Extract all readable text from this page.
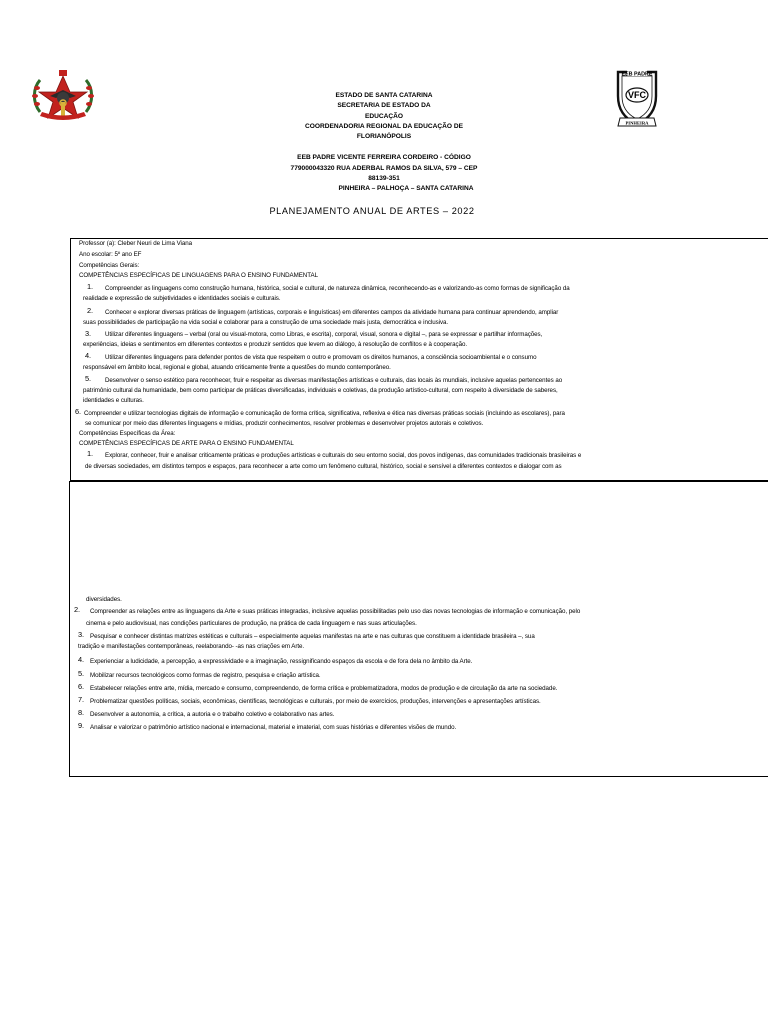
EEB PADRE
VFC
PINHEIRA
ESTADO DE SANTA CATARINA
SECRETARIA DE ESTADO DA
EDUCAÇÃO
COORDENADORIA REGIONAL DA EDUCAÇÃO DE
FLORIANÓPOLIS
EEB PADRE VICENTE FERREIRA CORDEIRO - CÓDIGO
779000043320 RUA ADERBAL RAMOS DA SILVA, 579 – CEP
88139-351
PINHEIRA – PALHOÇA – SANTA CATARINA
PLANEJAMENTO ANUAL DE ARTES – 2022
Professor (a): Cleber Neuri de Lima Viana
Ano escolar: 5º ano EF
Competências Gerais:
COMPETÊNCIAS ESPECÍFICAS DE LINGUAGENS PARA O ENSINO FUNDAMENTAL
1. Compreender as linguagens como construção humana, histórica, social e cultural, de natureza dinâmica, reconhecendo-as e valorizando-as como formas de significação da
realidade e expressão de subjetividades e identidades sociais e culturais.
2. Conhecer e explorar diversas práticas de linguagem (artísticas, corporais e linguísticas) em diferentes campos da atividade humana para continuar aprendendo, ampliar
suas possibilidades de participação na vida social e colaborar para a construção de uma sociedade mais justa, democrática e inclusiva.
3. Utilizar diferentes linguagens – verbal (oral ou visual-motora, como Libras, e escrita), corporal, visual, sonora e digital –, para se expressar e partilhar informações,
experiências, ideias e sentimentos em diferentes contextos e produzir sentidos que levem ao diálogo, à resolução de conflitos e à cooperação.
4. Utilizar diferentes linguagens para defender pontos de vista que respeitem o outro e promovam os direitos humanos, a consciência socioambiental e o consumo
responsável em âmbito local, regional e global, atuando criticamente frente a questões do mundo contemporâneo.
5. Desenvolver o senso estético para reconhecer, fruir e respeitar as diversas manifestações artísticas e culturais, das locais às mundiais, inclusive aquelas pertencentes ao
patrimônio cultural da humanidade, bem como participar de práticas diversificadas, individuais e coletivas, da produção artístico-cultural, com respeito à diversidade de saberes,
identidades e culturas.
6. Compreender e utilizar tecnologias digitais de informação e comunicação de forma crítica, significativa, reflexiva e ética nas diversas práticas sociais (incluindo as escolares), para
se comunicar por meio das diferentes linguagens e mídias, produzir conhecimentos, resolver problemas e desenvolver projetos autorais e coletivos.
Competências Específicas da Área:
COMPETÊNCIAS ESPECÍFICAS DE ARTE PARA O ENSINO FUNDAMENTAL
1. Explorar, conhecer, fruir e analisar criticamente práticas e produções artísticas e culturais do seu entorno social, dos povos indígenas, das comunidades tradicionais brasileiras e
de diversas sociedades, em distintos tempos e espaços, para reconhecer a arte como um fenômeno cultural, histórico, social e sensível a diferentes contextos e dialogar com as
diversidades.
2. Compreender as relações entre as linguagens da Arte e suas práticas integradas, inclusive aquelas possibilitadas pelo uso das novas tecnologias de informação e comunicação, pelo
cinema e pelo audiovisual, nas condições particulares de produção, na prática de cada linguagem e nas suas articulações.
3. Pesquisar e conhecer distintas matrizes estéticas e culturais – especialmente aquelas manifestas na arte e nas culturas que constituem a identidade brasileira –, sua
tradição e manifestações contemporâneas, reelaborando- -as nas criações em Arte.
4. Experienciar a ludicidade, a percepção, a expressividade e a imaginação, ressignificando espaços da escola e de fora dela no âmbito da Arte.
5. Mobilizar recursos tecnológicos como formas de registro, pesquisa e criação artística.
6. Estabelecer relações entre arte, mídia, mercado e consumo, compreendendo, de forma crítica e problematizadora, modos de produção e de circulação da arte na sociedade.
7. Problematizar questões políticas, sociais, econômicas, científicas, tecnológicas e culturais, por meio de exercícios, produções, intervenções e apresentações artísticas.
8. Desenvolver a autonomia, a crítica, a autoria e o trabalho coletivo e colaborativo nas artes.
9. Analisar e valorizar o patrimônio artístico nacional e internacional, material e imaterial, com suas histórias e diferentes visões de mundo.
